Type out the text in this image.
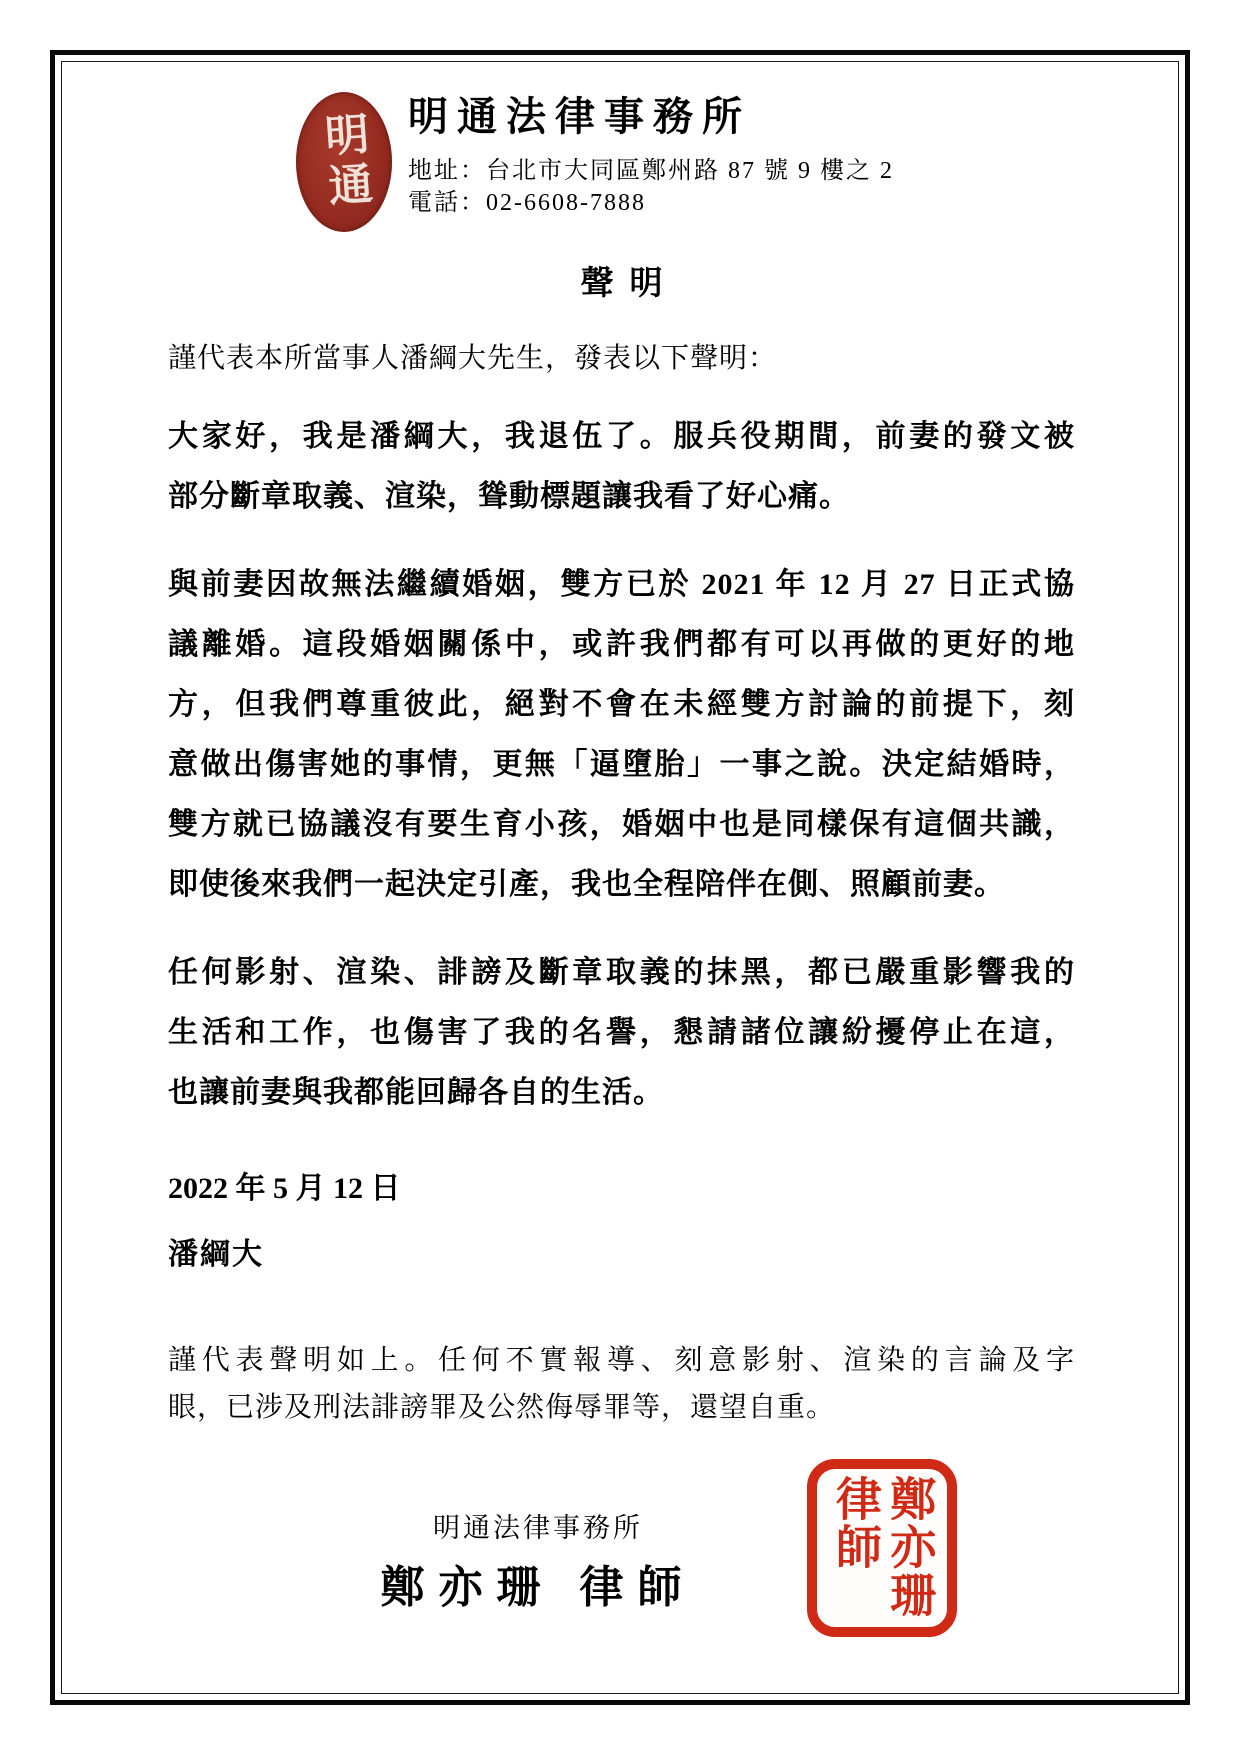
明通 明通法律事務所
地址：台北市大同區鄭州路 87 號 9 樓之 2
電話：02-6608-7888
聲明
謹代表本所當事人潘綱大先生，發表以下聲明：
大家好，我是潘綱大，我退伍了。服兵役期間，前妻的發文被
部分斷章取義、渲染，聳動標題讓我看了好心痛。
與前妻因故無法繼續婚姻，雙方已於 2021 年 12 月 27 日正式協
議離婚。這段婚姻關係中，或許我們都有可以再做的更好的地
方，但我們尊重彼此，絕對不會在未經雙方討論的前提下，刻
意做出傷害她的事情，更無「逼墮胎」一事之說。決定結婚時，
雙方就已協議沒有要生育小孩，婚姻中也是同樣保有這個共識，
即使後來我們一起決定引產，我也全程陪伴在側、照顧前妻。
任何影射、渲染、誹謗及斷章取義的抹黑，都已嚴重影響我的
生活和工作，也傷害了我的名譽，懇請諸位讓紛擾停止在這，
也讓前妻與我都能回歸各自的生活。
2022 年 5 月 12 日
潘綱大
謹代表聲明如上。任何不實報導、刻意影射、渲染的言論及字
眼，已涉及刑法誹謗罪及公然侮辱罪等，還望自重。
明通法律事務所
鄭亦珊 律師	鄭亦珊律師
